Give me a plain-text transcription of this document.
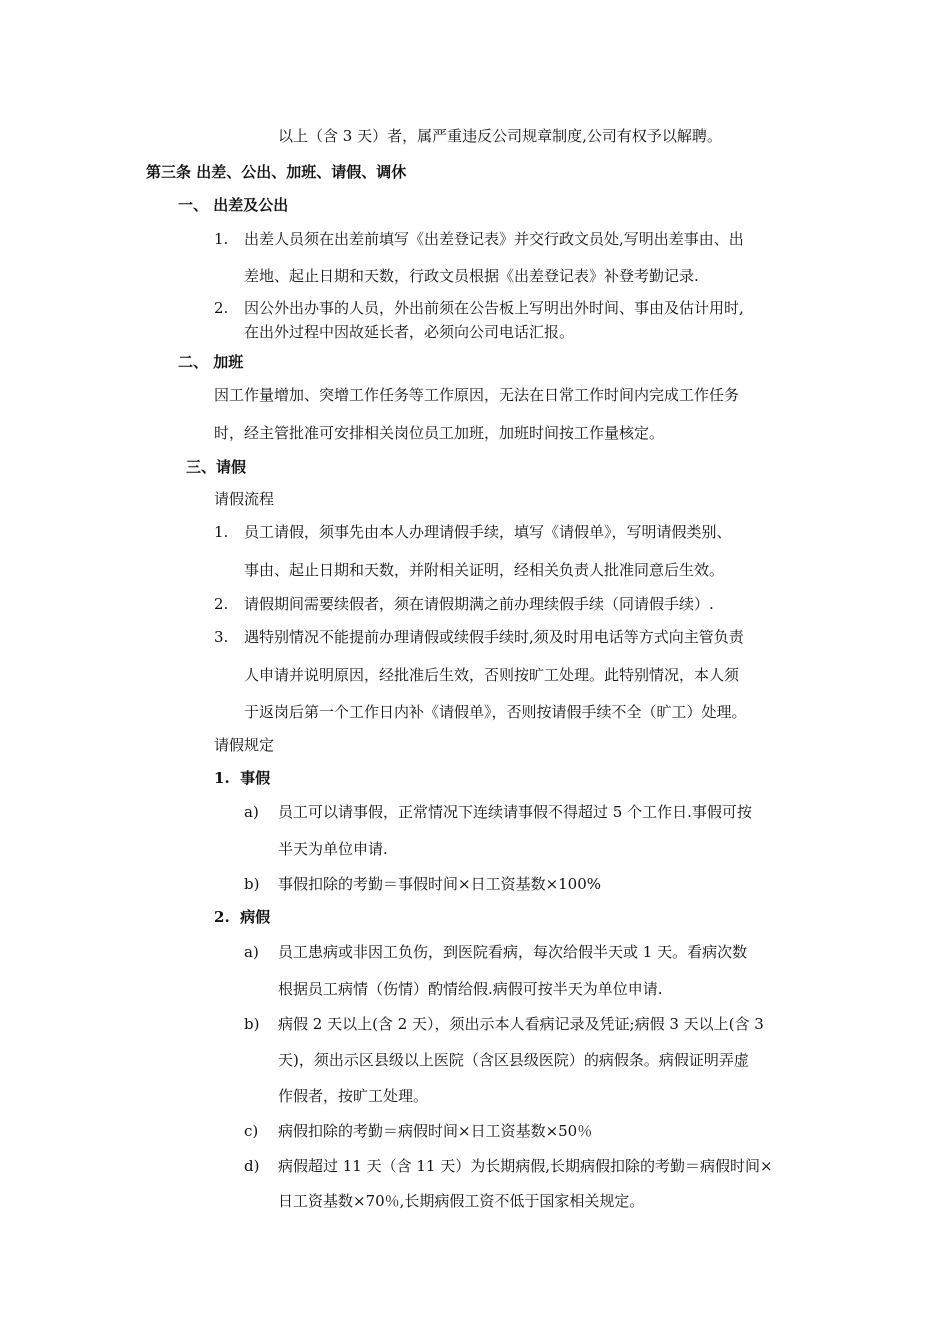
以上（含 3 天）者，属严重违反公司规章制度,公司有权予以解聘。
第三条 出差、公出、加班、请假、调休
一、 出差及公出
1. 出差人员须在出差前填写《出差登记表》并交行政文员处,写明出差事由、出
差地、起止日期和天数，行政文员根据《出差登记表》补登考勤记录.
2. 因公外出办事的人员，外出前须在公告板上写明出外时间、事由及估计用时,
在出外过程中因故延长者，必须向公司电话汇报。
二、 加班
因工作量增加、突增工作任务等工作原因，无法在日常工作时间内完成工作任务
时，经主管批准可安排相关岗位员工加班，加班时间按工作量核定。
三、请假
请假流程
1. 员工请假，须事先由本人办理请假手续，填写《请假单》，写明请假类别、
事由、起止日期和天数，并附相关证明，经相关负责人批准同意后生效。
2. 请假期间需要续假者，须在请假期满之前办理续假手续（同请假手续）.
3. 遇特别情况不能提前办理请假或续假手续时,须及时用电话等方式向主管负责
人申请并说明原因，经批准后生效，否则按旷工处理。此特别情况，本人须
于返岗后第一个工作日内补《请假单》，否则按请假手续不全（旷工）处理。
请假规定
1. 事假
a) 员工可以请事假，正常情况下连续请事假不得超过 5 个工作日.事假可按
半天为单位申请.
b) 事假扣除的考勤＝事假时间×日工资基数×100%
2. 病假
a) 员工患病或非因工负伤，到医院看病，每次给假半天或 1 天。看病次数
根据员工病情（伤情）酌情给假.病假可按半天为单位申请.
b) 病假 2 天以上(含 2 天），须出示本人看病记录及凭证;病假 3 天以上(含 3
天)，须出示区县级以上医院（含区县级医院）的病假条。病假证明弄虚
作假者，按旷工处理。
c) 病假扣除的考勤＝病假时间×日工资基数×50％
d) 病假超过 11 天（含 11 天）为长期病假,长期病假扣除的考勤＝病假时间×
日工资基数×70％,长期病假工资不低于国家相关规定。
